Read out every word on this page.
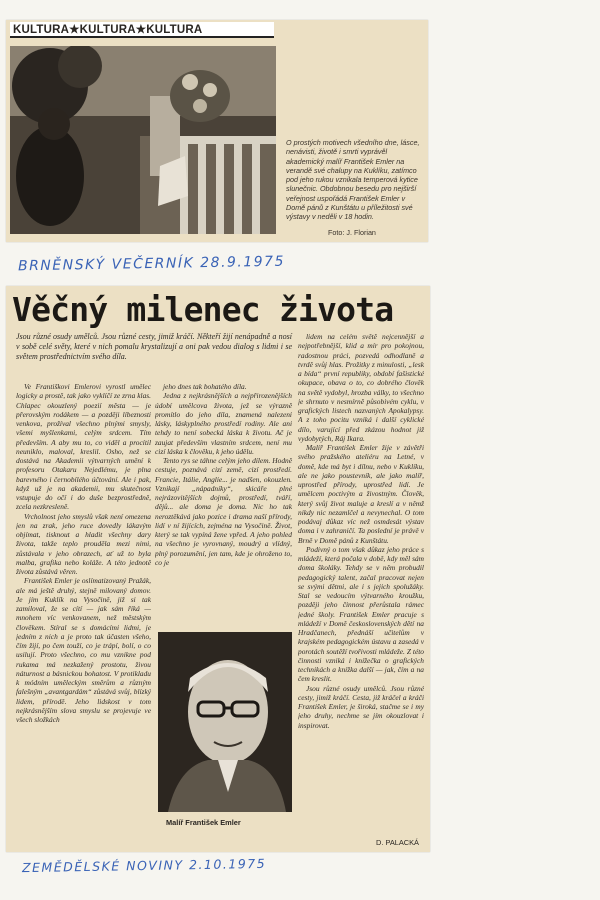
KULTURA★KULTURA★KULTURA
O prostých motivech všedního dne, lásce, nenávisti, životě i smrti vyprávěl akademický malíř František Emler na verandě své chalupy na Kuklíku, zatímco pod jeho rukou vznikala temperová kytice slunečnic. Obdobnou besedu pro nejširší veřejnost uspořádá František Emler v Domě pánů z Kunštátu u příležitosti své výstavy v neděli v 18 hodin.
Foto: J. Florian
BRNĚNSKÝ VEČERNÍK 28.9.1975
Věčný milenec života
Jsou různé osudy umělců. Jsou různé cesty, jimiž kráčí. Někteří žijí nenápadně a nosí v sobě celé světy, které v nich pomalu krystalizují a oni pak vedou dialog s lidmi i se světem prostřednictvím svého díla.

Ve Františkovi Emlerovi vyrostl umělec logicky a prostě, tak jako vyklíčí ze zrna klas. Chlapec okouzlený poezií města — je přerovským rodákem — a později líbeznosti venkova, prožíval všechno plnými smysly, všemi myšlenkami, celým srdcem. Tím především. A aby mu to, co viděl a procítil neuniklo, maloval, kreslil. Osho, než se dostává na Akademii výtvarných umění k profesoru Otakaru Nejedlému, je plna barevného i černobílého účtování. Ale i pak, když už je na akademii, mu skutečnost vstupuje do očí i do duše bezprostředně, zcela nezkresleně.

Vrcholnost jeho smyslů však není omezena jen na zrak, jeho ruce dovedly lákavým objímat, tisknout a hladit všechny dary života, takže teplo prouděla mezi nimi, zůstávala v jeho obrazech, ať už to byla malba, grafika nebo koláže. A této jednotě života zůstává věren.

František Emler je oslímatizovaný Pražák, ale má ještě druhý, stejně milovaný domov. Je jím Kuklík na Vysočině, již si tak zamiloval, že se cítí — jak sám říká — mnohem víc venkovanem, než městským člověkem. Stíral se s domácími lidmi, je jedním z nich a je proto tak účasten všeho, čím žijí, po čem touží, co je trápí, bolí, o co usilují. Proto všechno, co mu vznikne pod rukama má nezkažený prostotu, živou náturnost a básnickou bohatost. V protikladu k módním uměleckým směrům a různým falešným „avantgardám“ zůstává svůj, blízký lidem, přírodě. Jeho lidskost v tom nejkrásnějším slova smyslu se projevuje ve všech složkách

jeho dnes tak bohatého díla.

Jedna z nejkrásnějších a nejpřirozenějších údobí umělcova života, jež se výrazně promítlo do jeho díla, znamená nalezení lásky, láskyplného prostředí rodiny. Ale ani tehdy to není sobecká láska k životu. Ač je zaujat především vlastním srdcem, není mu cizí láska k člověku, k jeho údělu.

Tento rys se táhne celým jeho dílem. Hodně cestuje, poznává cizí země, cizí prostředí. Francie, Itálie, Anglie... je nadšen, okouzlen. Vznikají „nápadníky“, skicáře plné nejrázovitějších dojmů, prostředí, tváří, dějů... ale doma je doma. Nic ho tak neroztěkává jako pozice i drama naší přírody, lidí v ní žijících, zejména na Vysočině. Život, který se tak vypíná žene vpřed. A jeho pohled na všechno je vyrovnaný, moudrý a vlídný, plný porozumění, jen tam, kde je ohroženo to, co je

lidem na celém světě nejcennější a nejpotřebnější, klid a mír pro pokojnou, radostnou práci, pozvedá odhodlaně a tvrdě svůj hlas. Prožitky z minulosti, „lesk a bída“ první republiky, období fašistické okupace, obava o to, co dobrého člověk na světě vydobyl, hrozba války, to všechno je shrnuto v nesmírně působivém cyklu, v grafických listech nazvaných Apokalypsy. A z toho pocitu vzniká i další cyklické dílo, varující před zkázou hodnot již vydobytých, Ráj Ikara.

Malíř František Emler žije v závětří svého pražského ateliéru na Letné, v domě, kde má byt i dílnu, nebo v Kuklíku, ale ne jako poustevník, ale jako malíř, uprostřed přírody, uprostřed lidí. Je umělcem poctivým a živostným. Člověk, který svůj život maluje a kreslí a v němž nikdy nic nezamlčel a nevynechal. O tom podávaj důkaz víc než osmdesát výstav doma i v zahraničí. Ta poslední je právě v Brně v Domě pánů z Kunštátu.

Podivný o tom však důkaz jeho práce s mládeží, která počala v době, kdy měl sám doma školáky. Tehdy se v něm probudil pedagogický talent, začal pracovat nejen se svými dětmi, ale i s jejich spolužáky. Stal se vedoucím výtvarného kroužku, později jeho činnost přerůstala rámec jedné školy. František Emler pracuje s mládeží v Domě československých dětí na Hradčanech, přednáší učitelům v krajském pedagogickém ústavu a zasedá v porotách soutěží tvořivosti mládeže. Z této činnosti vzniká i knížečka o grafických technikách a knížka další — jak, čím a na čem kreslit.

Jsou různé osudy umělců. Jsou různé cesty, jimiž kráčí. Cesta, již kráčel a kráčí František Emler, je široká, stačme se i my jeho druhy, nechme se jím okouzlovat i inspirovat.

Malíř František Emler
D. PALACKÁ
ZEMĚDĚLSKÉ NOVINY 2.10.1975
